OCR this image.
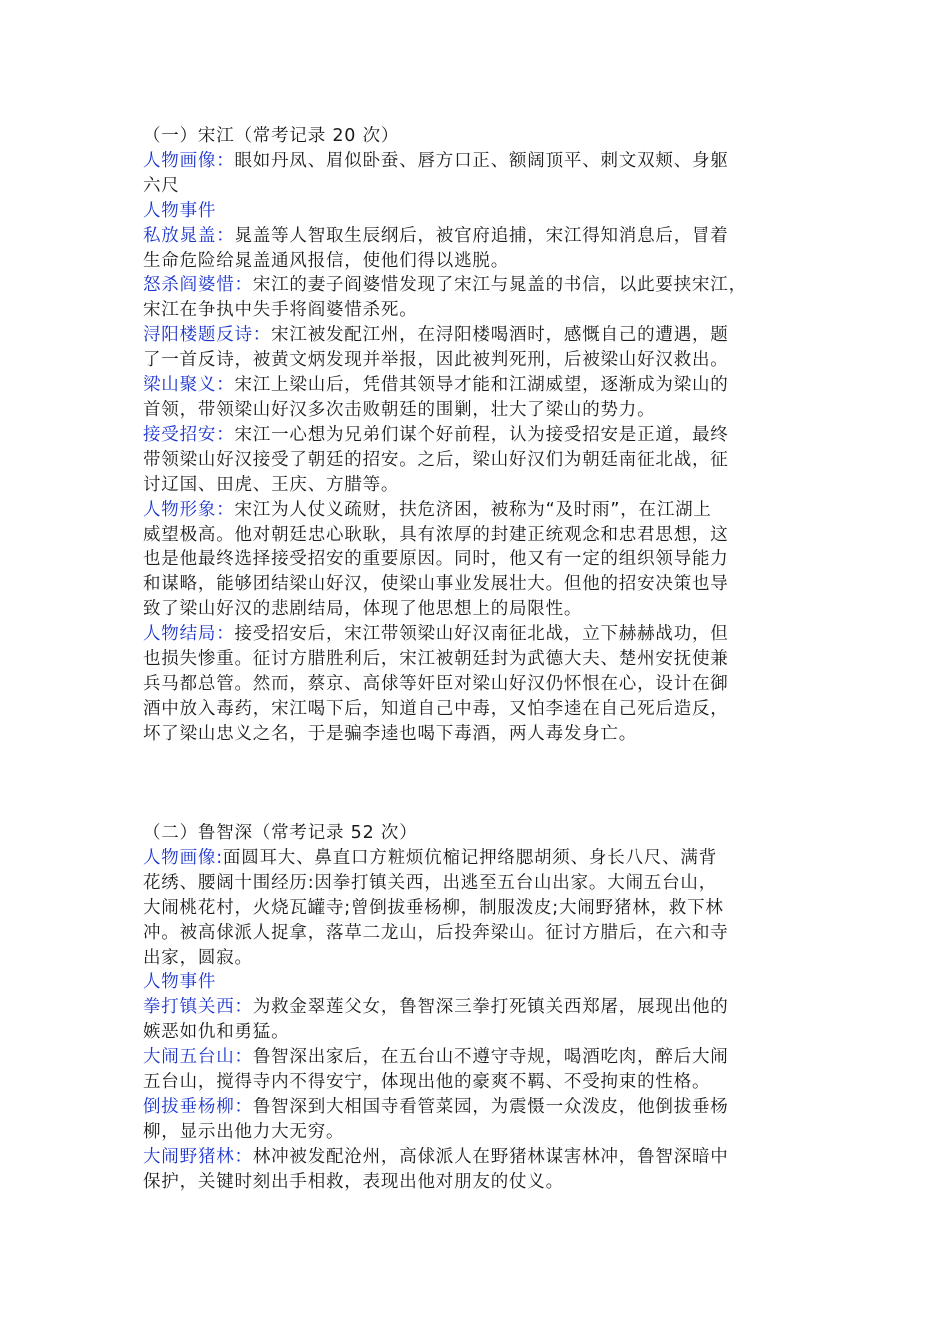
（一）宋江（常考记录 20 次）

人物画像：眼如丹凤、眉似卧蚕、唇方口正、额阔顶平、刺文双颊、身躯

六尺

人物事件

私放晁盖：晁盖等人智取生辰纲后，被官府追捕，宋江得知消息后，冒着

生命危险给晁盖通风报信，使他们得以逃脱。

怒杀阎婆惜：宋江的妻子阎婆惜发现了宋江与晁盖的书信，以此要挟宋江，

宋江在争执中失手将阎婆惜杀死。

浔阳楼题反诗：宋江被发配江州，在浔阳楼喝酒时，感慨自己的遭遇，题

了一首反诗，被黄文炳发现并举报，因此被判死刑，后被梁山好汉救出。

梁山聚义：宋江上梁山后，凭借其领导才能和江湖威望，逐渐成为梁山的

首领，带领梁山好汉多次击败朝廷的围剿，壮大了梁山的势力。

接受招安：宋江一心想为兄弟们谋个好前程，认为接受招安是正道，最终

带领梁山好汉接受了朝廷的招安。之后，梁山好汉们为朝廷南征北战，征

讨辽国、田虎、王庆、方腊等。

人物形象：宋江为人仗义疏财，扶危济困，被称为“及时雨”，在江湖上

威望极高。他对朝廷忠心耿耿，具有浓厚的封建正统观念和忠君思想，这

也是他最终选择接受招安的重要原因。同时，他又有一定的组织领导能力

和谋略，能够团结梁山好汉，使梁山事业发展壮大。但他的招安决策也导

致了梁山好汉的悲剧结局，体现了他思想上的局限性。

人物结局：接受招安后，宋江带领梁山好汉南征北战，立下赫赫战功，但

也损失惨重。征讨方腊胜利后，宋江被朝廷封为武德大夫、楚州安抚使兼

兵马都总管。然而，蔡京、高俅等奸臣对梁山好汉仍怀恨在心，设计在御

酒中放入毒药，宋江喝下后，知道自己中毒，又怕李逵在自己死后造反，

坏了梁山忠义之名，于是骗李逵也喝下毒酒，两人毒发身亡。

（二）鲁智深（常考记录 52 次）

人物画像:面圆耳大、鼻直口方粧烦伉樎记押络腮胡须、身长八尺、满背

花绣、腰阔十围经历:因拳打镇关西，出逃至五台山出家。大闹五台山，

大闹桃花村，火烧瓦罐寺;曾倒拔垂杨柳，制服泼皮;大闹野猪林，救下林

冲。被高俅派人捉拿，落草二龙山，后投奔梁山。征讨方腊后，在六和寺

出家，圆寂。

人物事件

拳打镇关西：为救金翠莲父女，鲁智深三拳打死镇关西郑屠，展现出他的

嫉恶如仇和勇猛。

大闹五台山：鲁智深出家后，在五台山不遵守寺规，喝酒吃肉，醉后大闹

五台山，搅得寺内不得安宁，体现出他的豪爽不羁、不受拘束的性格。

倒拔垂杨柳：鲁智深到大相国寺看管菜园，为震慑一众泼皮，他倒拔垂杨

柳，显示出他力大无穷。

大闹野猪林：林冲被发配沧州，高俅派人在野猪林谋害林冲，鲁智深暗中

保护，关键时刻出手相救，表现出他对朋友的仗义。
